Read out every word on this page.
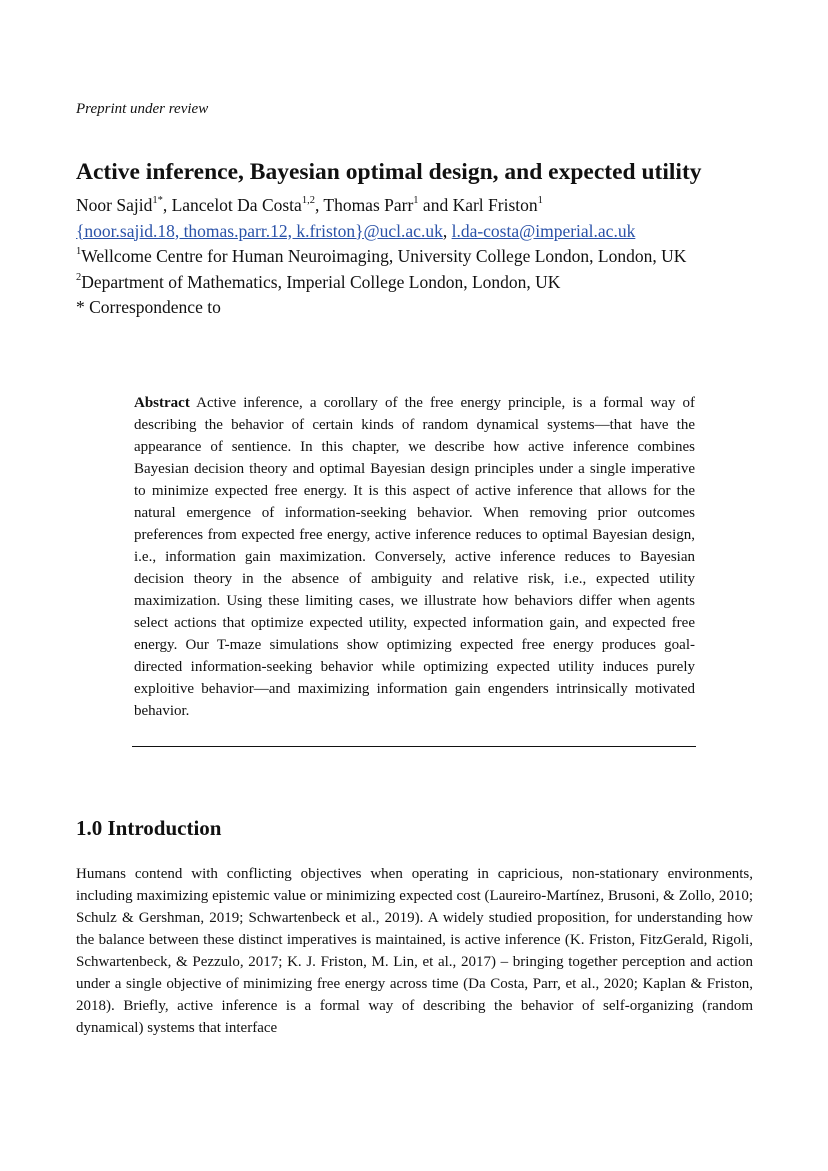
Preprint under review
Active inference, Bayesian optimal design, and expected utility

Noor Sajid$^{1*}$, Lancelot Da Costa$^{1,2}$, Thomas Parr$^1$ and Karl Friston$^1$

{noor.sajid.18, thomas.parr.12, k.friston}@ucl.ac.uk, l.da-costa@imperial.ac.uk

$^1$Wellcome Centre for Human Neuroimaging, University College London, London, UK

$^2$Department of Mathematics, Imperial College London, London, UK

* Correspondence to

Abstract Active inference, a corollary of the free energy principle, is a formal way of describing the behavior of certain kinds of random dynamical systems—that have the appearance of sentience. In this chapter, we describe how active inference combines Bayesian decision theory and optimal Bayesian design principles under a single imperative to minimize expected free energy. It is this aspect of active inference that allows for the natural emergence of information-seeking behavior. When removing prior outcomes preferences from expected free energy, active inference reduces to optimal Bayesian design, i.e., information gain maximization. Conversely, active inference reduces to Bayesian decision theory in the absence of ambiguity and relative risk, i.e., expected utility maximization. Using these limiting cases, we illustrate how behaviors differ when agents select actions that optimize expected utility, expected information gain, and expected free energy. Our T-maze simulations show optimizing expected free energy produces goal-directed information-seeking behavior while optimizing expected utility induces purely exploitive behavior—and maximizing information gain engenders intrinsically motivated behavior.

1.0 Introduction

Humans contend with conflicting objectives when operating in capricious, non-stationary environments, including maximizing epistemic value or minimizing expected cost (Laureiro-Martínez, Brusoni, & Zollo, 2010; Schulz & Gershman, 2019; Schwartenbeck et al., 2019). A widely studied proposition, for understanding how the balance between these distinct imperatives is maintained, is active inference (K. Friston, FitzGerald, Rigoli, Schwartenbeck, & Pezzulo, 2017; K. J. Friston, M. Lin, et al., 2017) – bringing together perception and action under a single objective of minimizing free energy across time (Da Costa, Parr, et al., 2020; Kaplan & Friston, 2018). Briefly, active inference is a formal way of describing the behavior of self-organizing (random dynamical) systems that interface
